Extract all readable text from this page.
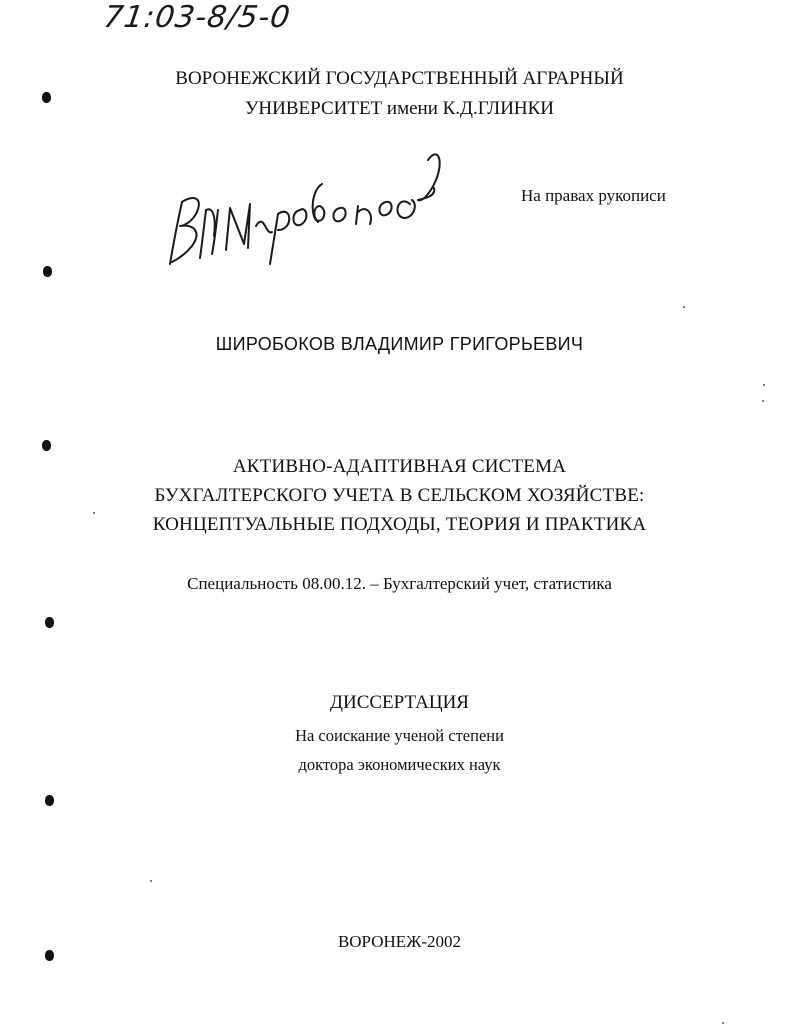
71:03-8/5-0
ВОРОНЕЖСКИЙ ГОСУДАРСТВЕННЫЙ АГРАРНЫЙ
УНИВЕРСИТЕТ имени К.Д.ГЛИНКИ
На правах рукописи
ШИРОБОКОВ ВЛАДИМИР ГРИГОРЬЕВИЧ
АКТИВНО-АДАПТИВНАЯ СИСТЕМА
БУХГАЛТЕРСКОГО УЧЕТА В СЕЛЬСКОМ ХОЗЯЙСТВЕ:
КОНЦЕПТУАЛЬНЫЕ ПОДХОДЫ, ТЕОРИЯ И ПРАКТИКА
Специальность 08.00.12. – Бухгалтерский учет, статистика
ДИССЕРТАЦИЯ
На соискание ученой степени
доктора экономических наук
ВОРОНЕЖ-2002
